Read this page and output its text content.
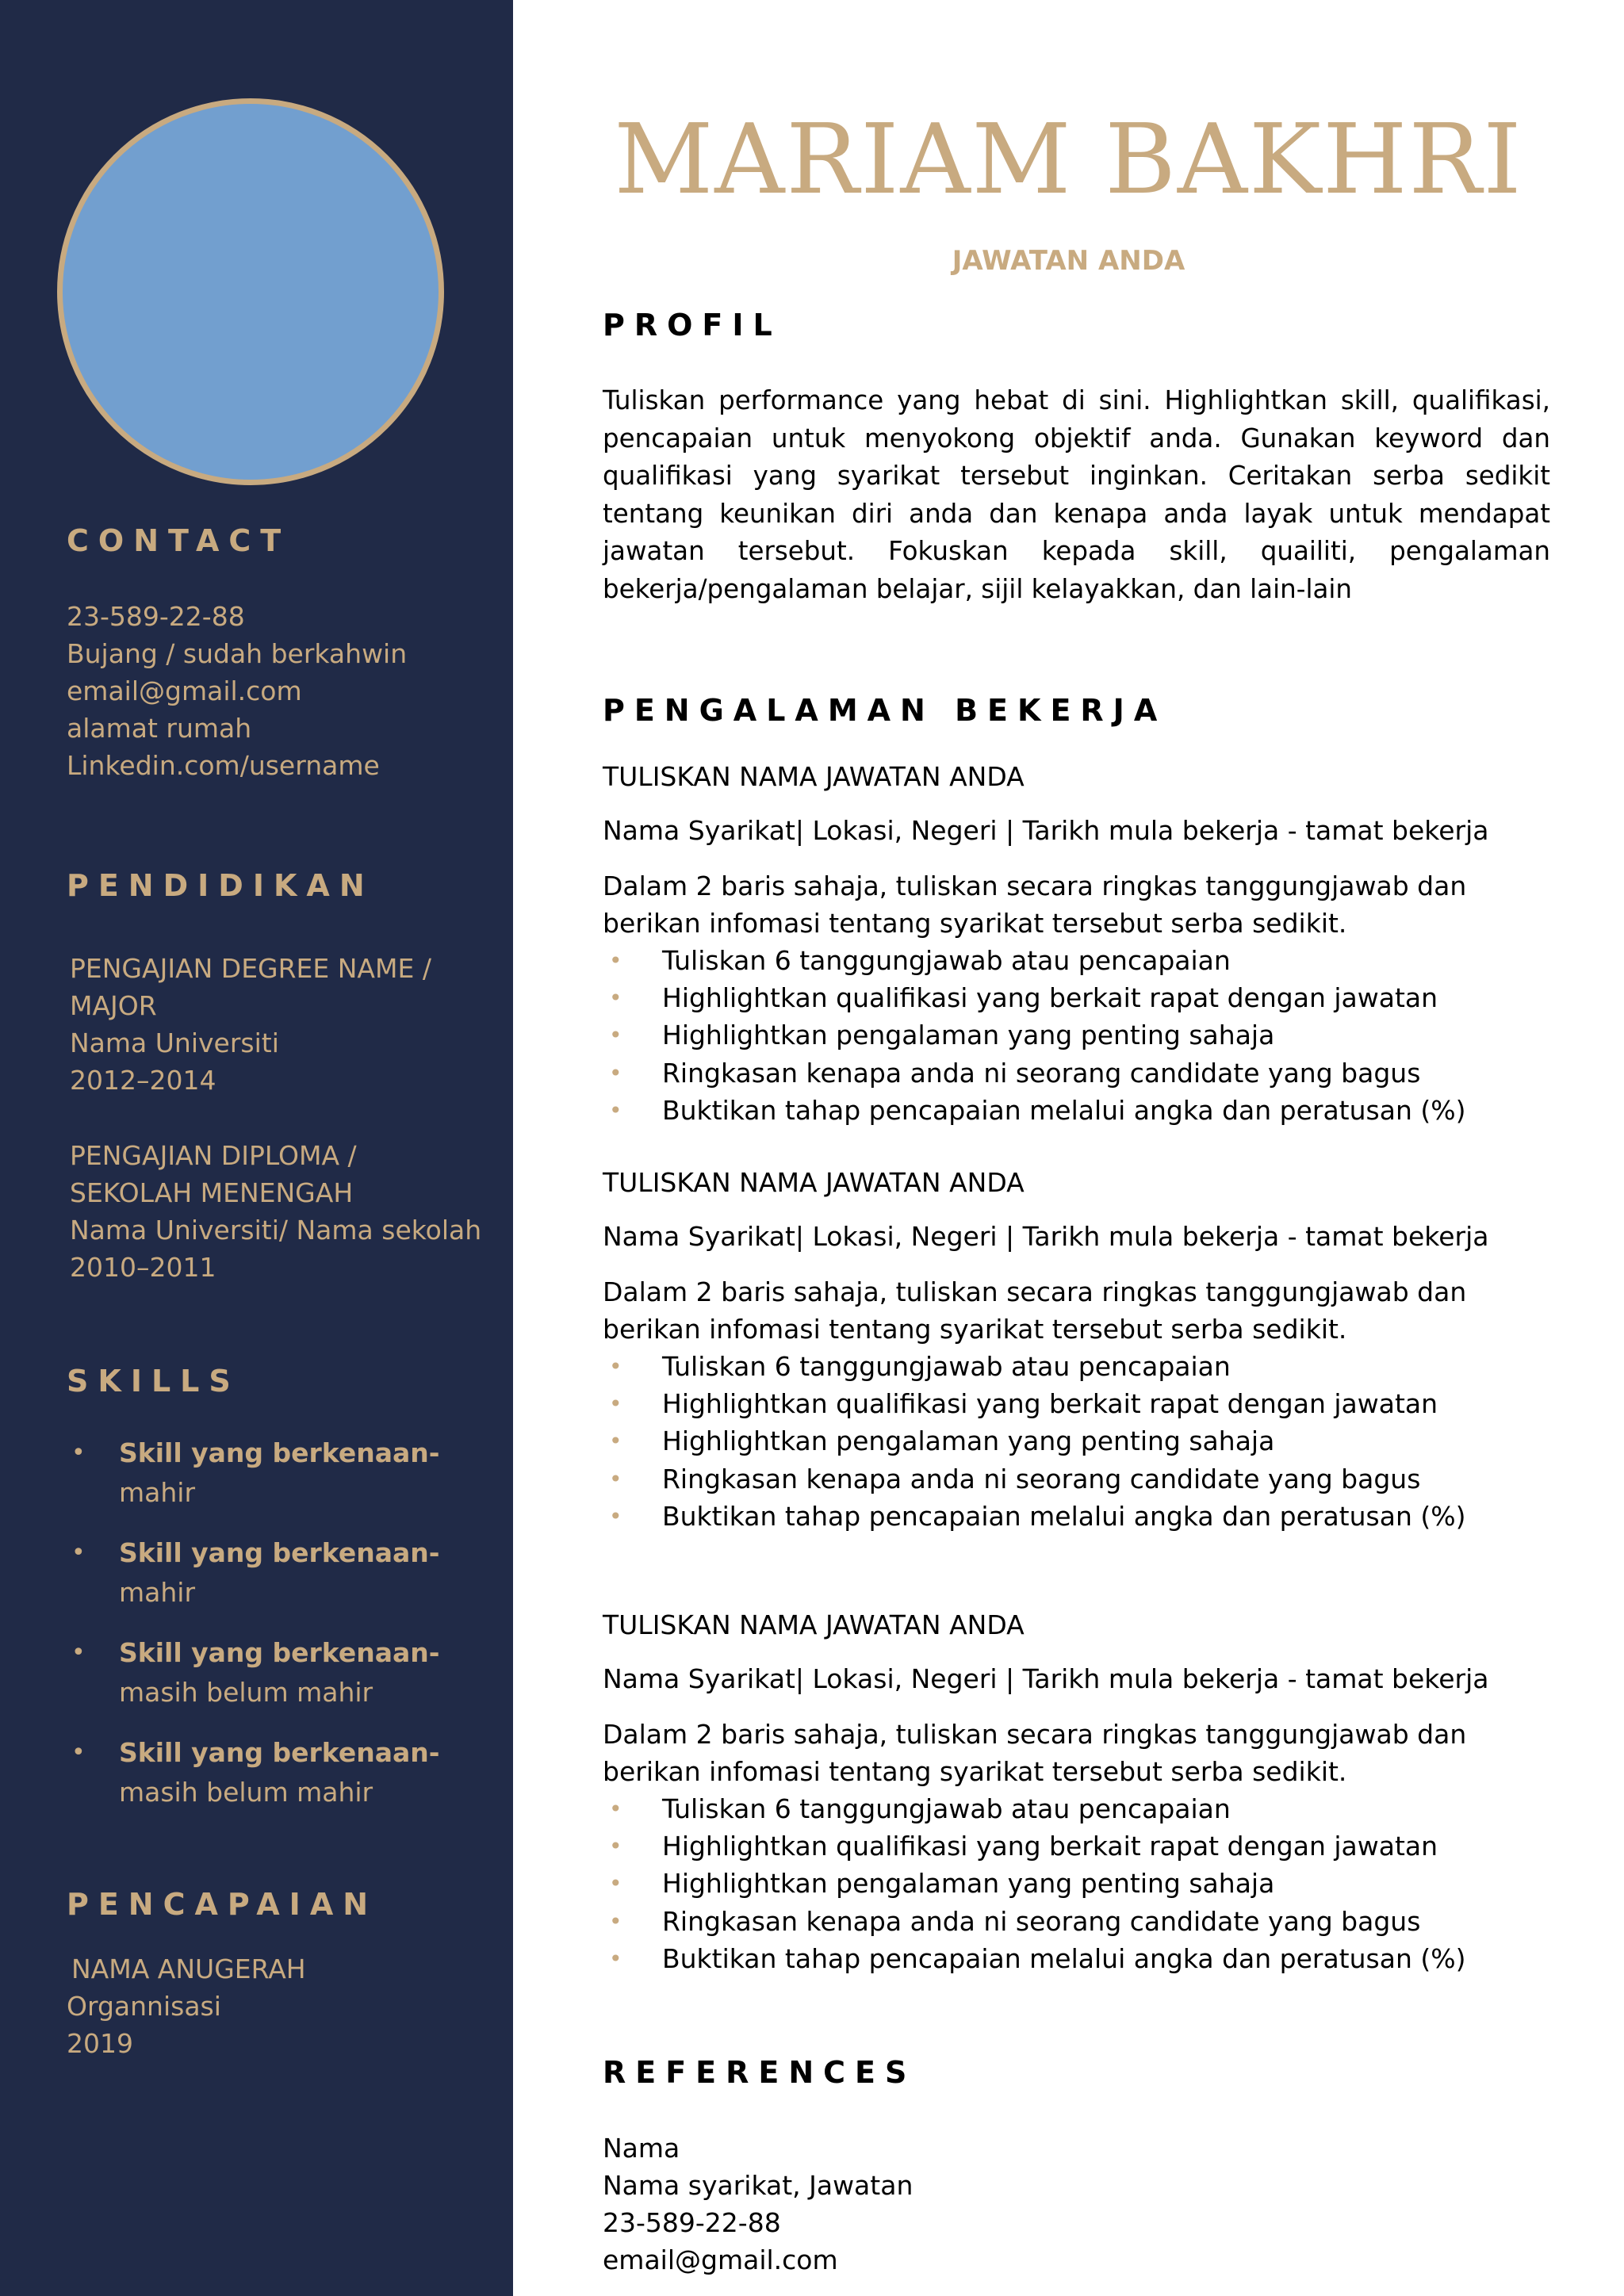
CONTACT
23-589-22-88
Bujang / sudah berkahwin
email@gmail.com
alamat rumah
Linkedin.com/username
PENDIDIKAN
PENGAJIAN DEGREE NAME /
MAJOR
Nama Universiti
2012–2014
PENGAJIAN DIPLOMA /
SEKOLAH MENENGAH
Nama Universiti/ Nama sekolah
2010–2011
SKILLS
• Skill yang berkenaan-
mahir
• Skill yang berkenaan-
mahir
• Skill yang berkenaan-
masih belum mahir
• Skill yang berkenaan-
masih belum mahir
PENCAPAIAN
NAMA ANUGERAH
Organnisasi
2019
MARIAM BAKHRI
JAWATAN ANDA
PROFIL

Tuliskan performance yang hebat di sini. Highlightkan skill, qualifikasi, pencapaian untuk menyokong objektif anda. Gunakan keyword dan qualifikasi yang syarikat tersebut inginkan. Ceritakan serba sedikit tentang keunikan diri anda dan kenapa anda layak untuk mendapat jawatan tersebut. Fokuskan kepada skill, quailiti, pengalaman bekerja/pengalaman belajar, sijil kelayakkan, dan lain-lain

PENGALAMAN BEKERJA
TULISKAN NAMA JAWATAN ANDA
Nama Syarikat| Lokasi, Negeri | Tarikh mula bekerja - tamat bekerja
Dalam 2 baris sahaja, tuliskan secara ringkas tanggungjawab dan berikan infomasi tentang syarikat tersebut serba sedikit.
• Tuliskan 6 tanggungjawab atau pencapaian
• Highlightkan qualifikasi yang berkait rapat dengan jawatan
• Highlightkan pengalaman yang penting sahaja
• Ringkasan kenapa anda ni seorang candidate yang bagus
• Buktikan tahap pencapaian melalui angka dan peratusan (%)
TULISKAN NAMA JAWATAN ANDA
Nama Syarikat| Lokasi, Negeri | Tarikh mula bekerja - tamat bekerja
Dalam 2 baris sahaja, tuliskan secara ringkas tanggungjawab dan berikan infomasi tentang syarikat tersebut serba sedikit.
• Tuliskan 6 tanggungjawab atau pencapaian
• Highlightkan qualifikasi yang berkait rapat dengan jawatan
• Highlightkan pengalaman yang penting sahaja
• Ringkasan kenapa anda ni seorang candidate yang bagus
• Buktikan tahap pencapaian melalui angka dan peratusan (%)
TULISKAN NAMA JAWATAN ANDA
Nama Syarikat| Lokasi, Negeri | Tarikh mula bekerja - tamat bekerja
Dalam 2 baris sahaja, tuliskan secara ringkas tanggungjawab dan berikan infomasi tentang syarikat tersebut serba sedikit.
• Tuliskan 6 tanggungjawab atau pencapaian
• Highlightkan qualifikasi yang berkait rapat dengan jawatan
• Highlightkan pengalaman yang penting sahaja
• Ringkasan kenapa anda ni seorang candidate yang bagus
• Buktikan tahap pencapaian melalui angka dan peratusan (%)
REFERENCES
Nama
Nama syarikat, Jawatan
23-589-22-88
email@gmail.com
